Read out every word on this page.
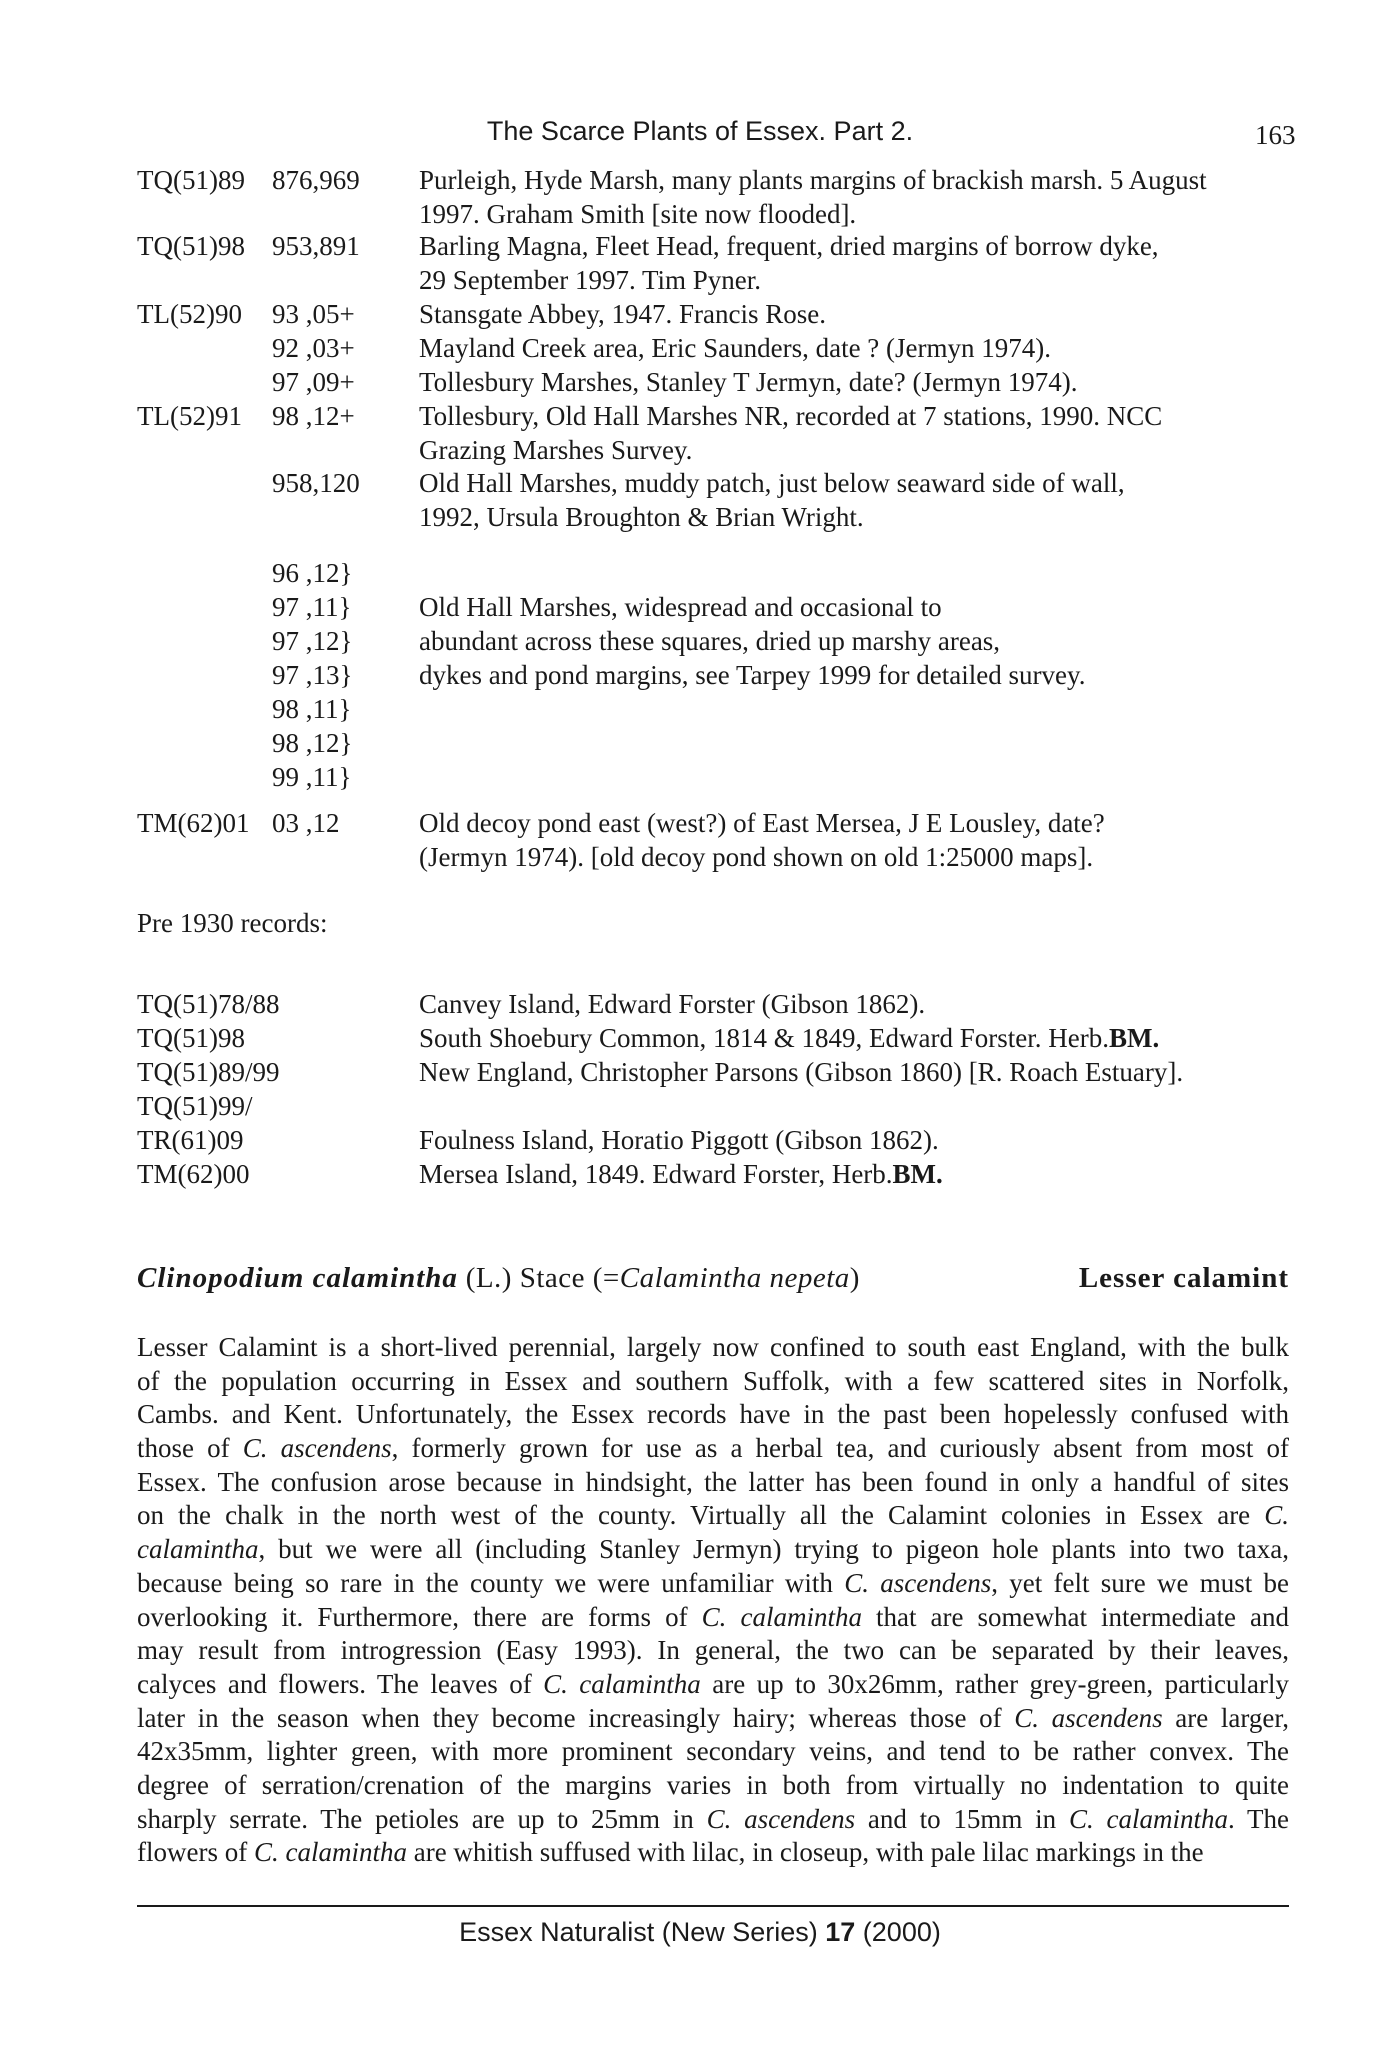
The Scarce Plants of Essex. Part 2.	163
TQ(51)89 876,969 Purleigh, Hyde Marsh, many plants margins of brackish marsh. 5 August
1997. Graham Smith [site now flooded].
TQ(51)98 953,891 Barling Magna, Fleet Head, frequent, dried margins of borrow dyke,
29 September 1997. Tim Pyner.
TL(52)90 93 ,05+ Stansgate Abbey, 1947. Francis Rose.
92 ,03+ Mayland Creek area, Eric Saunders, date ? (Jermyn 1974).
97 ,09+ Tollesbury Marshes, Stanley T Jermyn, date? (Jermyn 1974).
TL(52)91 98 ,12+ Tollesbury, Old Hall Marshes NR, recorded at 7 stations, 1990. NCC
Grazing Marshes Survey.
958,120 Old Hall Marshes, muddy patch, just below seaward side of wall,
1992, Ursula Broughton & Brian Wright.
96 ,12}
97 ,11}
97 ,12}
97 ,13}
98 ,11}
98 ,12}
99 ,11}
Old Hall Marshes, widespread and occasional to
abundant across these squares, dried up marshy areas,
dykes and pond margins, see Tarpey 1999 for detailed survey.
TM(62)01 03 ,12	Old decoy pond east (west?) of East Mersea, J E Lousley, date?
(Jermyn 1974). [old decoy pond shown on old 1:25000 maps].
Pre 1930 records:
TQ(51)78/88	Canvey Island, Edward Forster (Gibson 1862).
TQ(51)98	South Shoebury Common, 1814 & 1849, Edward Forster. Herb.BM.
TQ(51)89/99	New England, Christopher Parsons (Gibson 1860) [R. Roach Estuary].
TQ(51)99/
TR(61)09	Foulness Island, Horatio Piggott (Gibson 1862).
TM(62)00	Mersea Island, 1849. Edward Forster, Herb.BM.
Clinopodium calamintha (L.) Stace (=Calamintha nepeta)	Lesser calamint
Lesser Calamint is a short-lived perennial, largely now confined to south east England, with the bulk
of the population occurring in Essex and southern Suffolk, with a few scattered sites in Norfolk,
Cambs. and Kent. Unfortunately, the Essex records have in the past been hopelessly confused with
those of C. ascendens, formerly grown for use as a herbal tea, and curiously absent from most of
Essex. The confusion arose because in hindsight, the latter has been found in only a handful of sites
on the chalk in the north west of the county. Virtually all the Calamint colonies in Essex are C.
calamintha, but we were all (including Stanley Jermyn) trying to pigeon hole plants into two taxa,
because being so rare in the county we were unfamiliar with C. ascendens, yet felt sure we must be
overlooking it. Furthermore, there are forms of C. calamintha that are somewhat intermediate and
may result from introgression (Easy 1993). In general, the two can be separated by their leaves,
calyces and flowers. The leaves of C. calamintha are up to 30x26mm, rather grey-green, particularly
later in the season when they become increasingly hairy; whereas those of C. ascendens are larger,
42x35mm, lighter green, with more prominent secondary veins, and tend to be rather convex. The
degree of serration/crenation of the margins varies in both from virtually no indentation to quite
sharply serrate. The petioles are up to 25mm in C. ascendens and to 15mm in C. calamintha. The
flowers of C. calamintha are whitish suffused with lilac, in closeup, with pale lilac markings in the
Essex Naturalist (New Series) 17 (2000)
